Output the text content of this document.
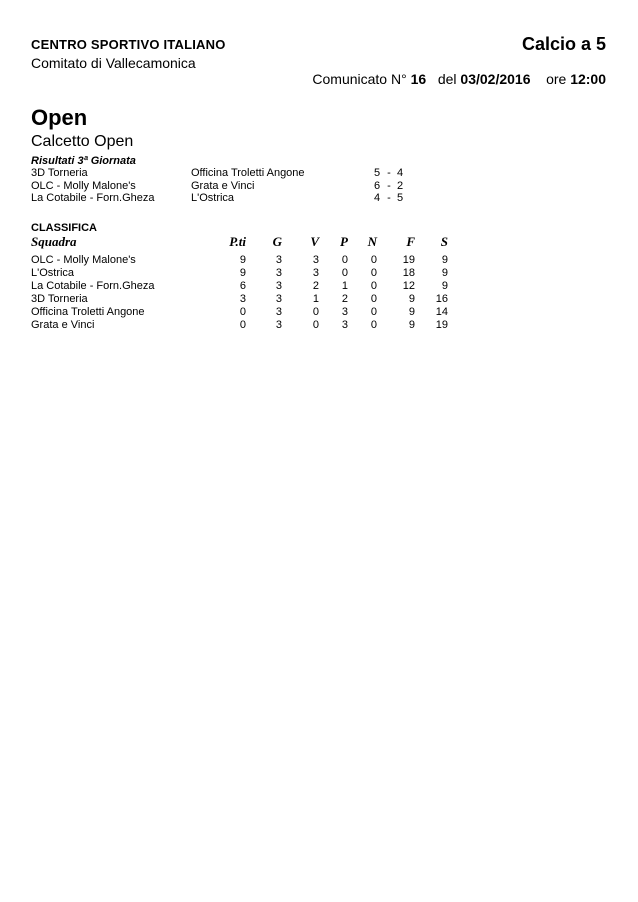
CENTRO SPORTIVO ITALIANO	Calcio a 5
Comitato di Vallecamonica
Comunicato N° 16 del 03/02/2016 ore 12:00
Open
Calcetto Open
Risultati 3ª Giornata
3D Torneria	Officina Troletti Angone	5 - 4
OLC - Molly Malone's	Grata e Vinci	6 - 2
La Cotabile - Forn.Gheza	L'Ostrica	4 - 5
CLASSIFICA
Squadra	P.ti	G	V	P	N	F	S
OLC - Molly Malone's	9	3	3	0	0	19	9
L'Ostrica	9	3	3	0	0	18	9
La Cotabile - Forn.Gheza	6	3	2	1	0	12	9
3D Torneria	3	3	1	2	0	9	16
Officina Troletti Angone	0	3	0	3	0	9	14
Grata e Vinci	0	3	0	3	0	9	19
